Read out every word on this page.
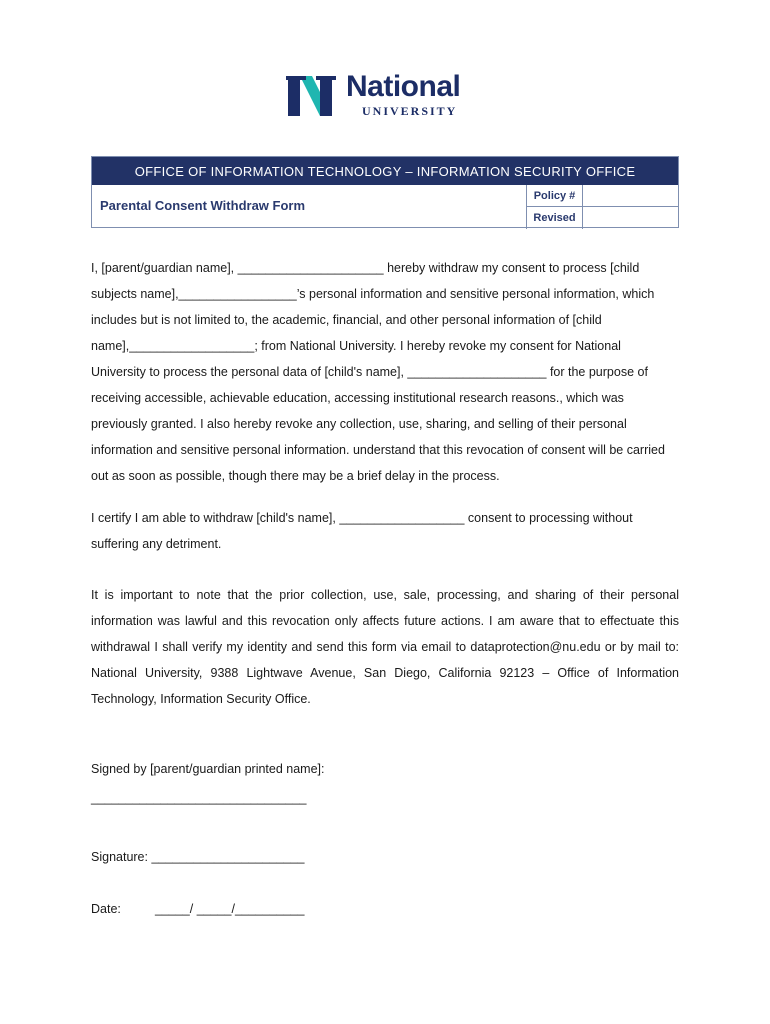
National
UNIVERSITY
OFFICE OF INFORMATION TECHNOLOGY – INFORMATION SECURITY OFFICE
Parental Consent Withdraw Form
Policy #
Revised

I, [parent/guardian name], _____________________ hereby withdraw my consent to process [child subjects name],_________________’s personal information and sensitive personal information, which includes but is not limited to, the academic, financial, and other personal information of [child name],__________________; from National University. I hereby revoke my consent for National University to process the personal data of [child's name], ____________________ for the purpose of receiving accessible, achievable education, accessing institutional research reasons., which was previously granted. I also hereby revoke any collection, use, sharing, and selling of their personal information and sensitive personal information. understand that this revocation of consent will be carried out as soon as possible, though there may be a brief delay in the process.

I certify I am able to withdraw [child's name], __________________ consent to processing without suffering any detriment.

It is important to note that the prior collection, use, sale, processing, and sharing of their personal information was lawful and this revocation only affects future actions. I am aware that to effectuate this withdrawal I shall verify my identity and send this form via email to dataprotection@nu.edu or by mail to: National University, 9388 Lightwave Avenue, San Diego, California 92123 – Office of Information Technology, Information Security Office.

Signed by [parent/guardian printed name]:
_______________________________
Signature: ______________________
Date:	_____/ _____/__________
